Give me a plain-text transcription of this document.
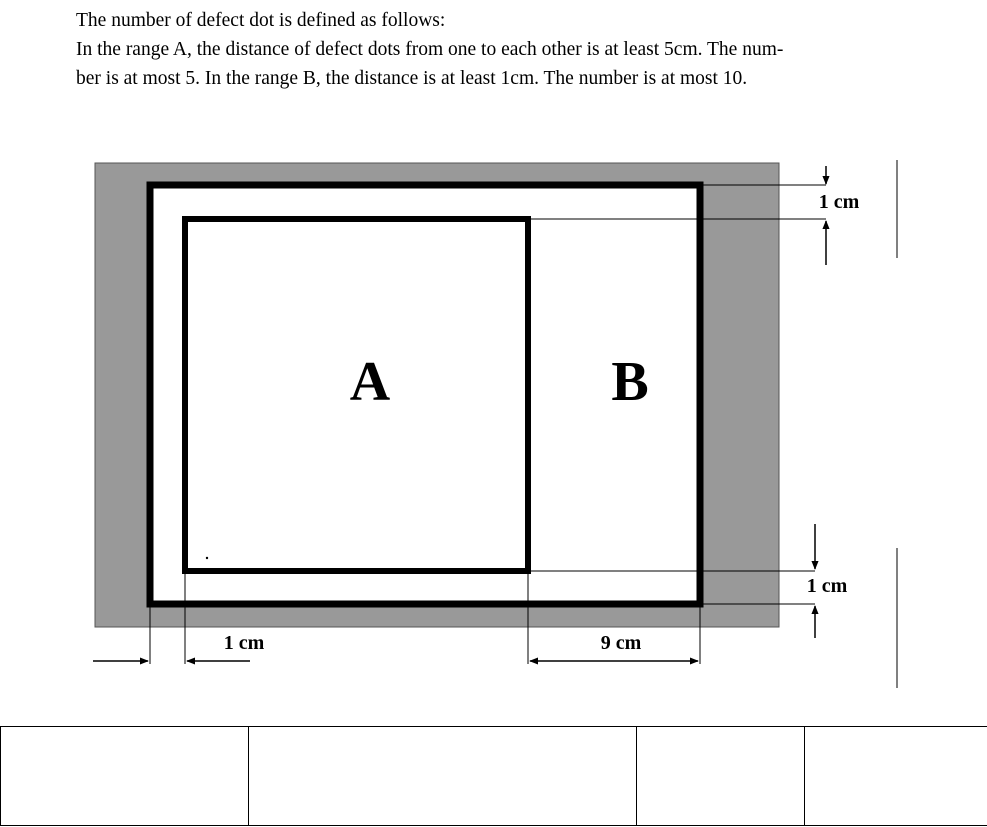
The number of defect dot is defined as follows:
In the range A, the distance of defect dots from one to each other is at least 5cm. The num-
ber is at most 5. In the range B, the distance is at least 1cm. The number is at most 10.
A	B
1 cm
1 cm
1 cm	9 cm
